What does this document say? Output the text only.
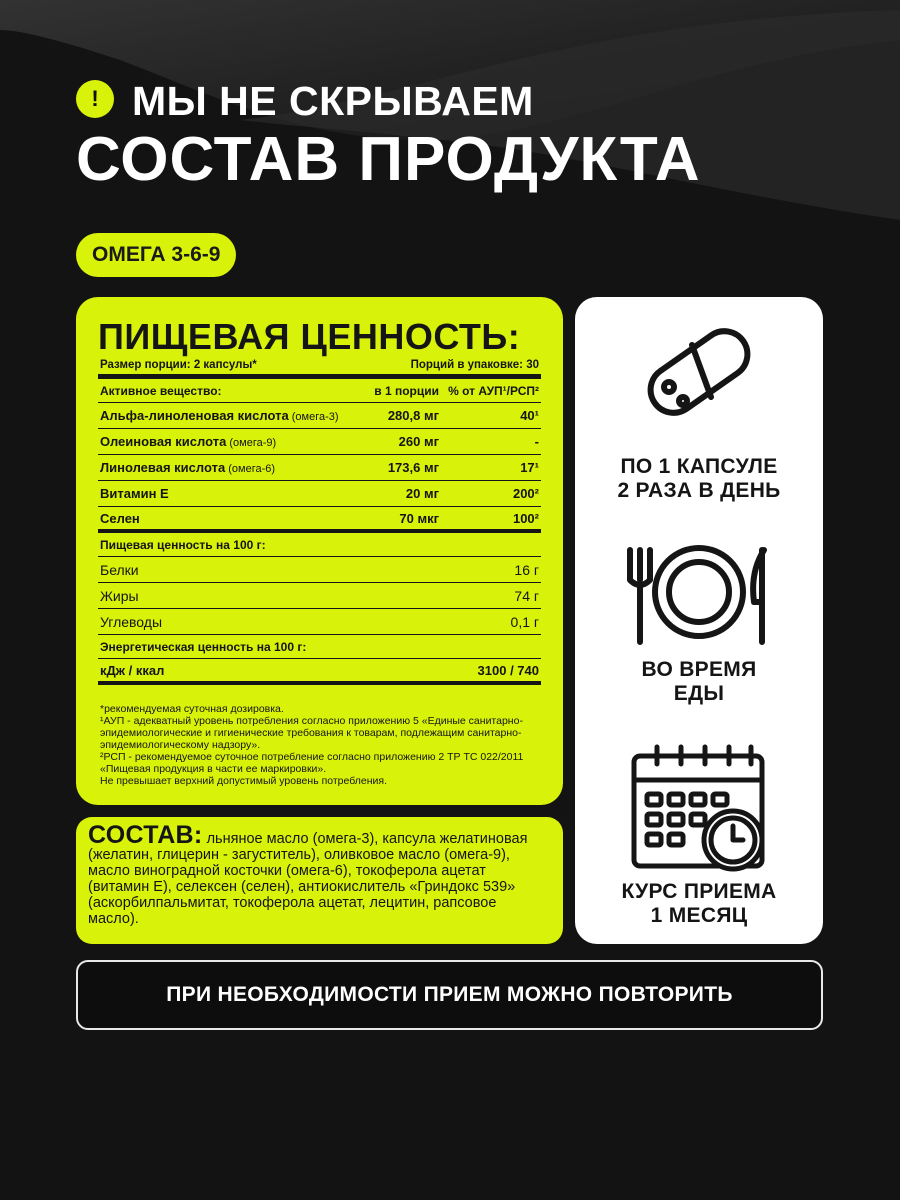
! МЫ НЕ СКРЫВАЕМ
СОСТАВ ПРОДУКТА
ОМЕГА 3-6-9
ПИЩЕВАЯ ЦЕННОСТЬ:
Размер порции: 2 капсулы*	Порций в упаковке: 30
Активное вещество:	в 1 порции % от АУП¹/РСП²
Альфа-линоленовая кислота (омега-3)	280,8 мг	40¹
Олеиновая кислота (омега-9)	260 мг	-
Линолевая кислота (омега-6)	173,6 мг	17¹
Витамин E	20 мг	200²
Селен	70 мкг	100²
Пищевая ценность на 100 г:
Белки	16 г
Жиры	74 г
Углеводы	0,1 г
Энергетическая ценность на 100 г:
кДж / ккал	3100 / 740
*рекомендуемая суточная дозировка.
¹АУП - адекватный уровень потребления согласно приложению 5 «Единые санитарно-эпидемиологические и гигиенические требования к товарам, подлежащим санитарно-эпидемиологическому надзору».
²РСП - рекомендуемое суточное потребление согласно приложению 2 ТР ТС 022/2011 «Пищевая продукция в части ее маркировки».
Не превышает верхний допустимый уровень потребления.
СОСТАВ: льняное масло (омега-3), капсула желатиновая (желатин, глицерин - загуститель), оливковое масло (омега-9), масло виноградной косточки (омега-6), токоферола ацетат (витамин Е), селексен (селен), антиокислитель «Гриндокс 539» (аскорбилпальмитат, токоферола ацетат, лецитин, рапсовое масло).
ПО 1 КАПСУЛЕ
2 РАЗА В ДЕНЬ
ВО ВРЕМЯ
ЕДЫ
КУРС ПРИЕМА
1 МЕСЯЦ
ПРИ НЕОБХОДИМОСТИ ПРИЕМ МОЖНО ПОВТОРИТЬ
